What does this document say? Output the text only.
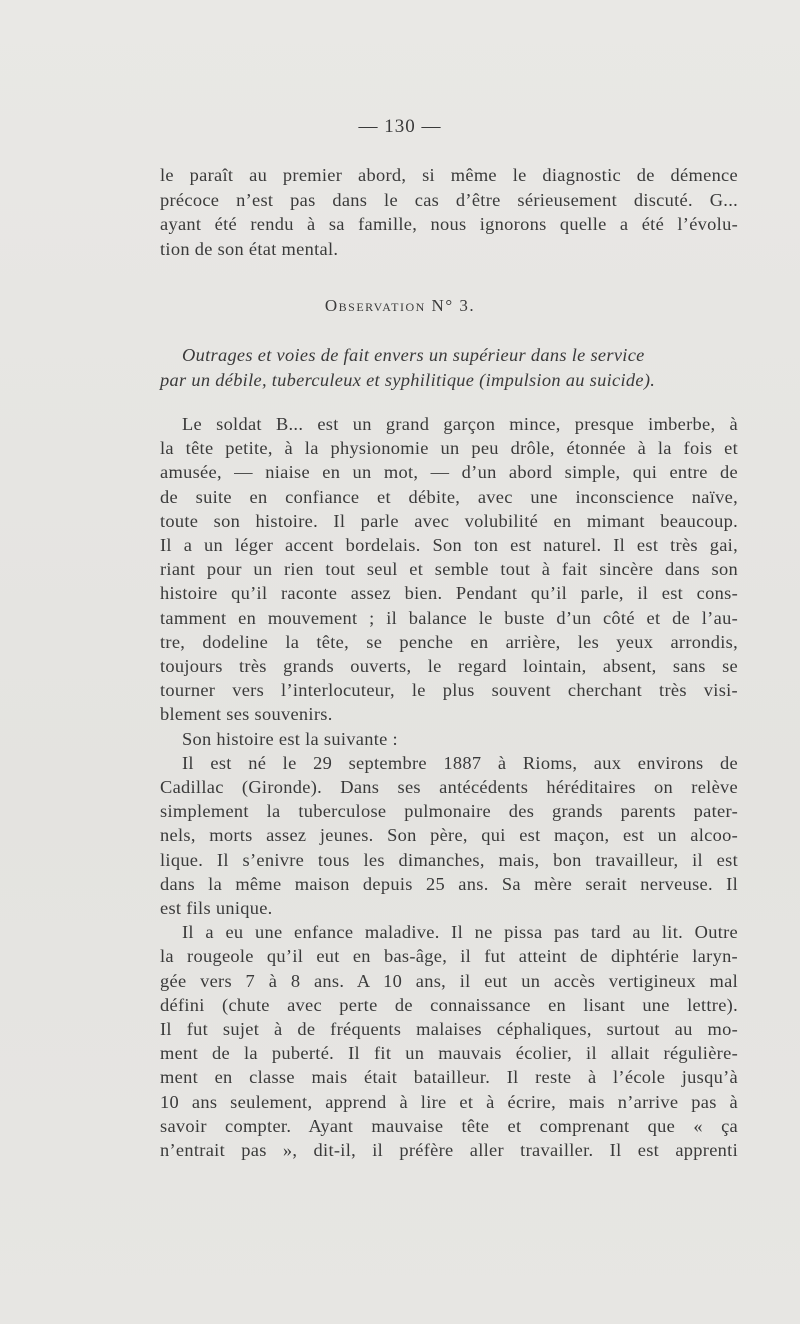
— 130 —
le paraît au premier abord, si même le diagnostic de démence
précoce n’est pas dans le cas d’être sérieusement discuté. G...
ayant été rendu à sa famille, nous ignorons quelle a été l’évolu-
tion de son état mental.
Observation N° 3.
Outrages et voies de fait envers un supérieur dans le service
par un débile, tuberculeux et syphilitique (impulsion au suicide).
Le soldat B... est un grand garçon mince, presque imberbe, à
la tête petite, à la physionomie un peu drôle, étonnée à la fois et
amusée, — niaise en un mot, — d’un abord simple, qui entre de
de suite en confiance et débite, avec une inconscience naïve,
toute son histoire. Il parle avec volubilité en mimant beaucoup.
Il a un léger accent bordelais. Son ton est naturel. Il est très gai,
riant pour un rien tout seul et semble tout à fait sincère dans son
histoire qu’il raconte assez bien. Pendant qu’il parle, il est cons-
tamment en mouvement ; il balance le buste d’un côté et de l’au-
tre, dodeline la tête, se penche en arrière, les yeux arrondis,
toujours très grands ouverts, le regard lointain, absent, sans se
tourner vers l’interlocuteur, le plus souvent cherchant très visi-
blement ses souvenirs.
Son histoire est la suivante :
Il est né le 29 septembre 1887 à Rioms, aux environs de
Cadillac (Gironde). Dans ses antécédents héréditaires on relève
simplement la tuberculose pulmonaire des grands parents pater-
nels, morts assez jeunes. Son père, qui est maçon, est un alcoo-
lique. Il s’enivre tous les dimanches, mais, bon travailleur, il est
dans la même maison depuis 25 ans. Sa mère serait nerveuse. Il
est fils unique.
Il a eu une enfance maladive. Il ne pissa pas tard au lit. Outre
la rougeole qu’il eut en bas-âge, il fut atteint de diphtérie laryn-
gée vers 7 à 8 ans. A 10 ans, il eut un accès vertigineux mal
défini (chute avec perte de connaissance en lisant une lettre).
Il fut sujet à de fréquents malaises céphaliques, surtout au mo-
ment de la puberté. Il fit un mauvais écolier, il allait régulière-
ment en classe mais était batailleur. Il reste à l’école jusqu’à
10 ans seulement, apprend à lire et à écrire, mais n’arrive pas à
savoir compter. Ayant mauvaise tête et comprenant que « ça
n’entrait pas », dit-il, il préfère aller travailler. Il est apprenti
